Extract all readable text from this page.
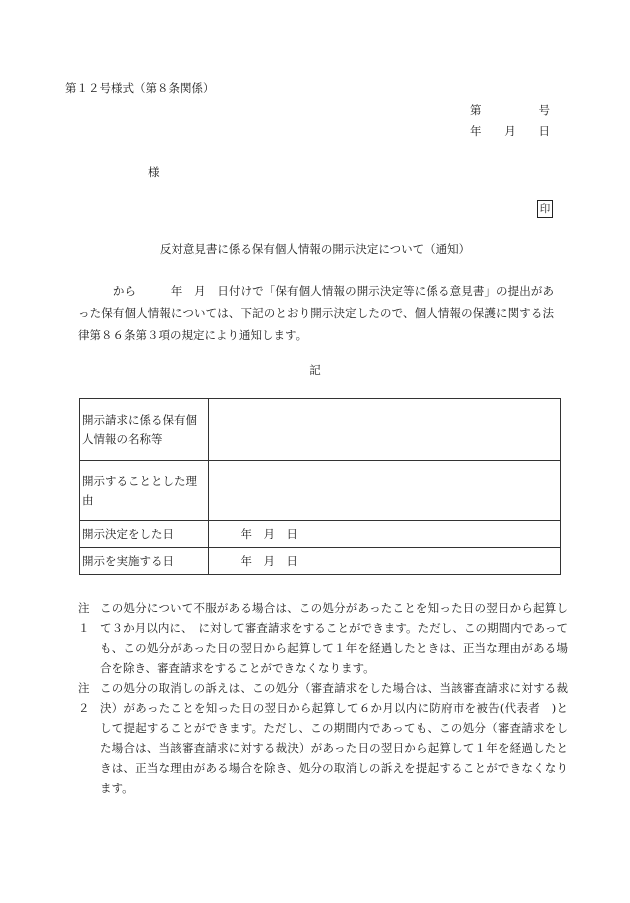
第１２号様式（第８条関係）
第	号
年 月 日
様
印
反対意見書に係る保有個人情報の開示決定について（通知）

　　　から　　　年　月　日付けで「保有個人情報の開示決定等に係る意見書」の提出があった保有個人情報については、下記のとおり開示決定したので、個人情報の保護に関する法律第８６条第３項の規定により通知します。

記
開示請求に係る保有個人情報の名称等	
開示することとした理由	
開示決定をした日	　年　月　日
開示を実施する日	　年　月　日
注１
この処分について不服がある場合は、この処分があったことを知った日の翌日から起算して３か月以内に、　に対して審査請求をすることができます。ただし、この期間内であっても、この処分があった日の翌日から起算して１年を経過したときは、正当な理由がある場合を除き、審査請求をすることができなくなります。
注２
この処分の取消しの訴えは、この処分（審査請求をした場合は、当該審査請求に対する裁決）があったことを知った日の翌日から起算して６か月以内に防府市を被告(代表者　)として提起することができます。ただし、この期間内であっても、この処分（審査請求をした場合は、当該審査請求に対する裁決）があった日の翌日から起算して１年を経過したときは、正当な理由がある場合を除き、処分の取消しの訴えを提起することができなくなります。
